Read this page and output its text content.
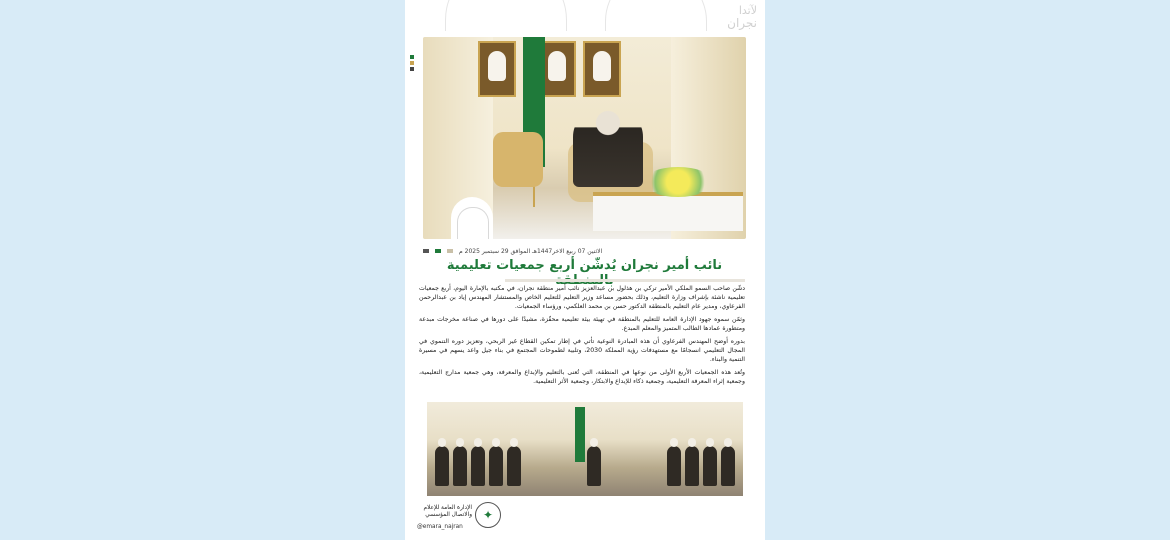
ﻟﺂﺗﺪﺍ
نجران
الاثنين 07 ربيع الاخر1447هـ الموافق 29 سبتمبر 2025 م
نائب أمير نجران يُدشّن أربع جمعيات تعليمية

دشّن صاحب السمو الملكي الأمير تركي بن هذلول بن عبدالعزيز نائب أمير منطقة نجران، في مكتبه بالإمارة اليوم، أربع جمعيات تعليمية ناشئة بإشراف وزارة التعليم، وذلك بحضور مساعد وزير التعليم للتعليم الخاص والمستشار المهندس إياد بن عبدالرحمن الفرعاوي، ومدير عام التعليم بالمنطقة الدكتور حسن بن محمد العلكمي، ورؤساء الجمعيات.

وثمّن سموه جهود الإدارة العامة للتعليم بالمنطقة في تهيئة بيئة تعليمية محفّزة، مشيدًا على دورها في صناعة مخرجات مبدعة ومتطورة عمادها الطالب المتميز والمعلم المبدع.

بدوره أوضح المهندس الفرعاوي أن هذه المبادرة النوعية تأتي في إطار تمكين القطاع غير الربحي، وتعزيز دوره التنموي في المجال التعليمي انسجامًا مع مستهدفات رؤية المملكة 2030، وتلبية لطموحات المجتمع في بناء جيل واعد يسهم في مسيرة التنمية والبناء.

وتُعد هذه الجمعيات الأربع الأولى من نوعها في المنطقة، التي تُعنى بالتعليم والإبداع والمعرفة، وهي جمعية مدارج التعليمية، وجمعية إثراء المعرفة التعليمية، وجمعية ذكاء للإبداع والابتكار، وجمعية الأثر التعليمية.

✦
الإدارة العامة للإعلام والاتصال المؤسسي
@emara_najran
